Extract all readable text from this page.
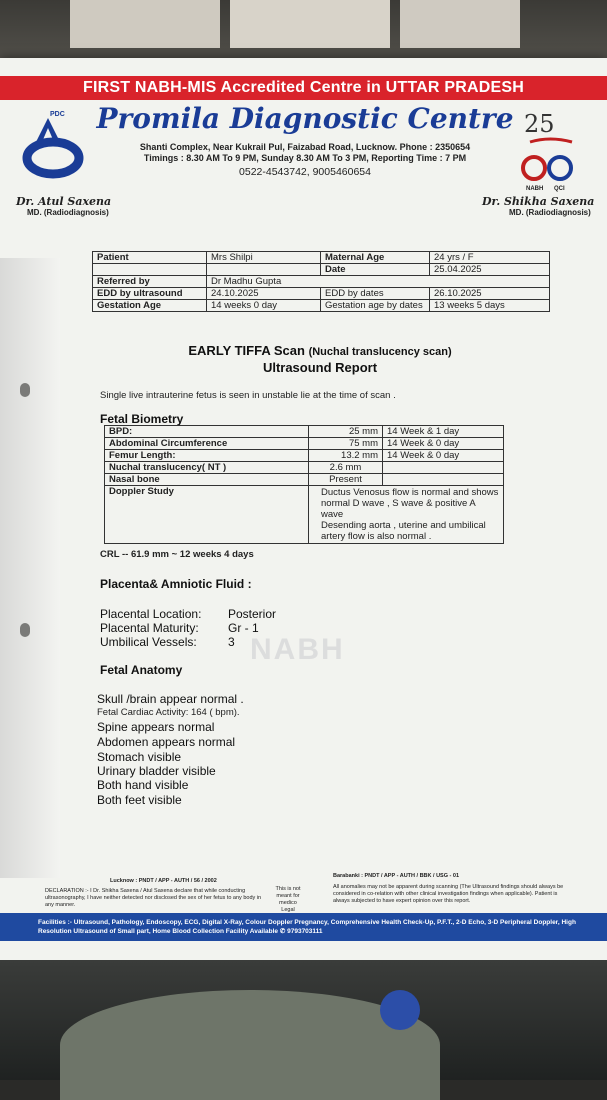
FIRST NABH-MIS Accredited Centre in UTTAR PRADESH
PDC Promila Diagnostic Centre
Shanti Complex, Near Kukrail Pul, Faizabad Road, Lucknow. Phone : 2350654
Timings : 8.30 AM To 9 PM, Sunday 8.30 AM To 3 PM, Reporting Time : 7 PM
0522-4543742, 9005460654
25
NABH QCI
Dr. Atul Saxena
MD. (Radiodiagnosis)
Dr. Shikha Saxena
MD. (Radiodiagnosis)
Patient	Mrs Shilpi	Maternal Age	24 yrs / F
		Date	25.04.2025
Referred by	Dr Madhu Gupta		
EDD by ultrasound	24.10.2025	EDD by dates	26.10.2025
Gestation Age	14 weeks 0 day	Gestation age by dates	13 weeks 5 days
EARLY TIFFA Scan (Nuchal translucency scan)
Ultrasound Report
Single live intrauterine fetus is seen in unstable lie at the time of scan .
Fetal Biometry
BPD:	25 mm	14 Week & 1 day
Abdominal Circumference	75 mm	14 Week & 0 day
Femur Length:	13.2 mm	14 Week & 0 day
Nuchal translucency( NT )	2.6 mm	
Nasal bone	Present	
Doppler Study	Ductus Venosus flow is normal and shows
normal D wave , S wave & positive A wave
Desending aorta , uterine and umbilical
artery flow is also normal .	
CRL -- 61.9 mm ~ 12 weeks 4 days
Placenta& Amniotic Fluid :
Placental Location: Posterior
Placental Maturity: Gr - 1
Umbilical Vessels:	3 NABH
Fetal Anatomy
Skull /brain appear normal .
Fetal Cardiac Activity: 164 ( bpm).
Spine appears normal
Abdomen appears normal
Stomach visible
Urinary bladder visible
Both hand visible
Both feet visible
Lucknow : PNDT / APP - AUTH / 56 / 2002
Barabanki : PNDT / APP - AUTH / BBK / USG - 01
DECLARATION :- I Dr. Shikha Saxena / Atul Saxena declare that while conducting ultrasonography, I have neither detected nor disclosed the sex of her fetus to any body in any manner.
This is not meant for medico Legal
All anomalies may not be apparent during scanning (The Ultrasound findings should always be considered in co-relation with other clinical investigation findings when applicable). Patient is always subjected to have expert opinion over this report.
Facilities :- Ultrasound, Pathology, Endoscopy, ECG, Digital X-Ray, Colour Doppler Pregnancy, Comprehensive Health Check-Up, P.F.T., 2-D Echo, 3-D Peripheral Doppler, High Resolution Ultrasound of Small part, Home Blood Collection Facility Available ✆ 9793703111
